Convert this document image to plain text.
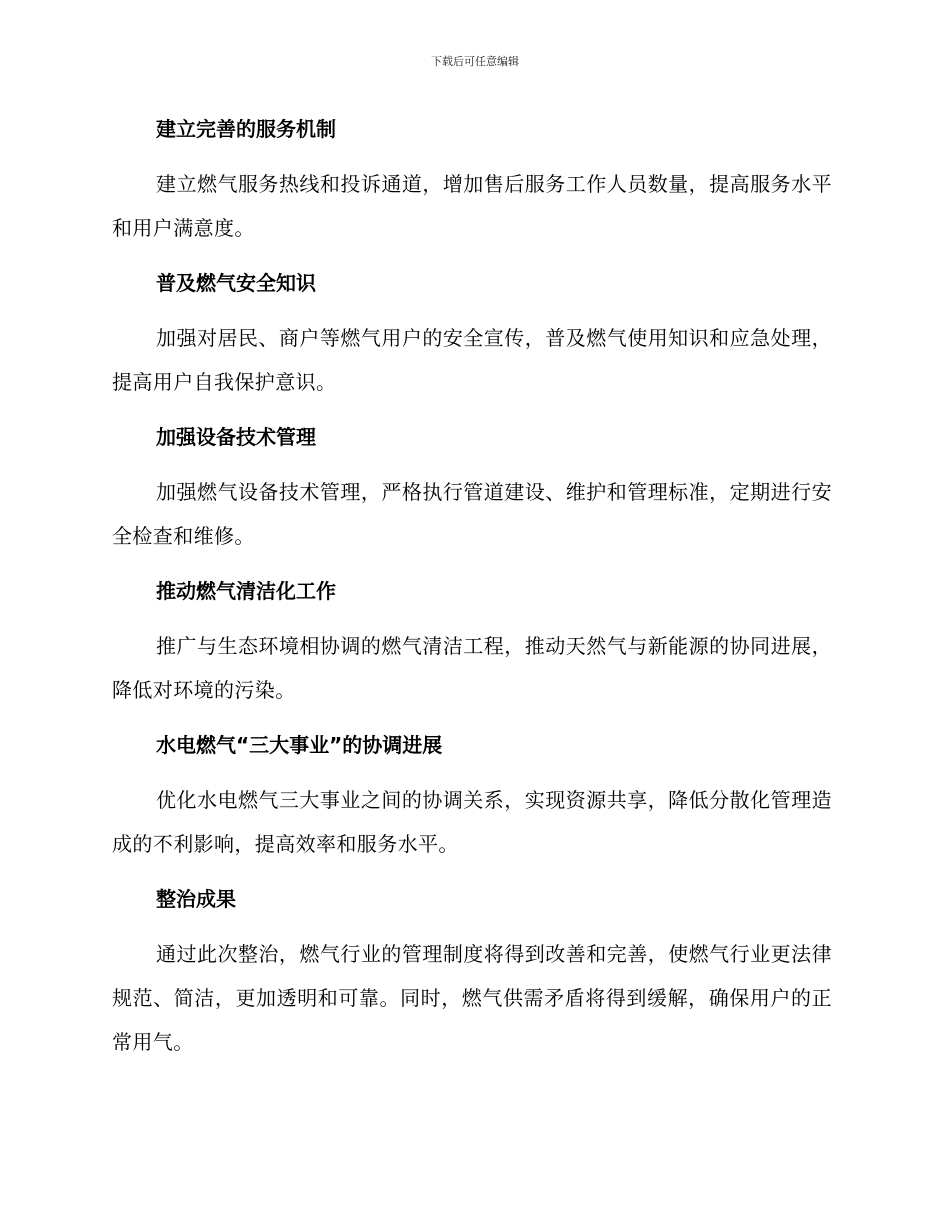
下载后可任意编辑
建立完善的服务机制

建立燃气服务热线和投诉通道，增加售后服务工作人员数量，提高服务水平和用户满意度。

普及燃气安全知识

加强对居民、商户等燃气用户的安全宣传，普及燃气使用知识和应急处理，提高用户自我保护意识。

加强设备技术管理

加强燃气设备技术管理，严格执行管道建设、维护和管理标准，定期进行安全检查和维修。

推动燃气清洁化工作

推广与生态环境相协调的燃气清洁工程，推动天然气与新能源的协同进展，降低对环境的污染。

水电燃气“三大事业”的协调进展

优化水电燃气三大事业之间的协调关系，实现资源共享，降低分散化管理造成的不利影响，提高效率和服务水平。

整治成果

通过此次整治，燃气行业的管理制度将得到改善和完善，使燃气行业更法律规范、简洁，更加透明和可靠。同时，燃气供需矛盾将得到缓解，确保用户的正常用气。
